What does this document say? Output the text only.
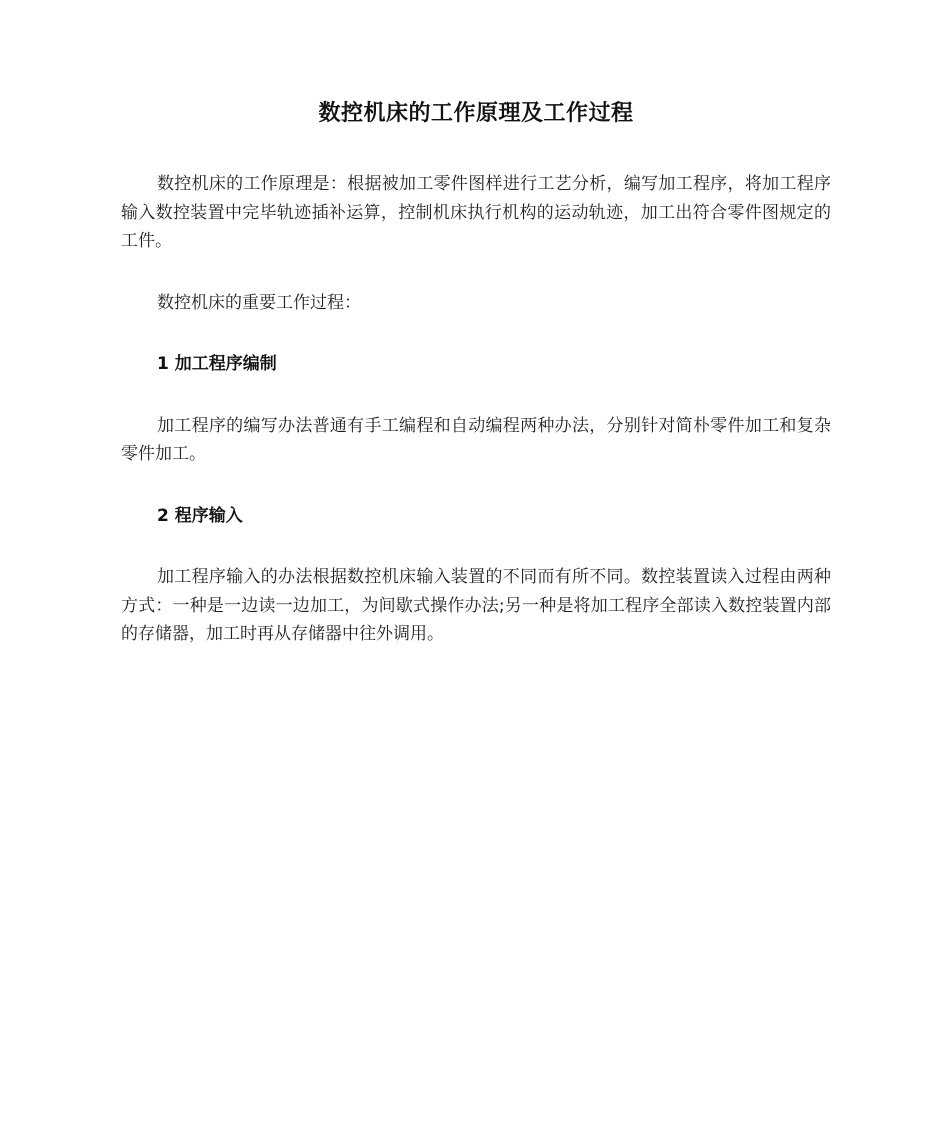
数控机床的工作原理及工作过程

数控机床的工作原理是：根据被加工零件图样进行工艺分析，编写加工程序，将加工程序输入数控装置中完毕轨迹插补运算，控制机床执行机构的运动轨迹，加工出符合零件图规定的工件。

数控机床的重要工作过程：

1 加工程序编制

加工程序的编写办法普通有手工编程和自动编程两种办法，分别针对简朴零件加工和复杂零件加工。

2 程序输入

加工程序输入的办法根据数控机床输入装置的不同而有所不同。数控装置读入过程由两种方式：一种是一边读一边加工，为间歇式操作办法;另一种是将加工程序全部读入数控装置内部的存储器，加工时再从存储器中往外调用。
